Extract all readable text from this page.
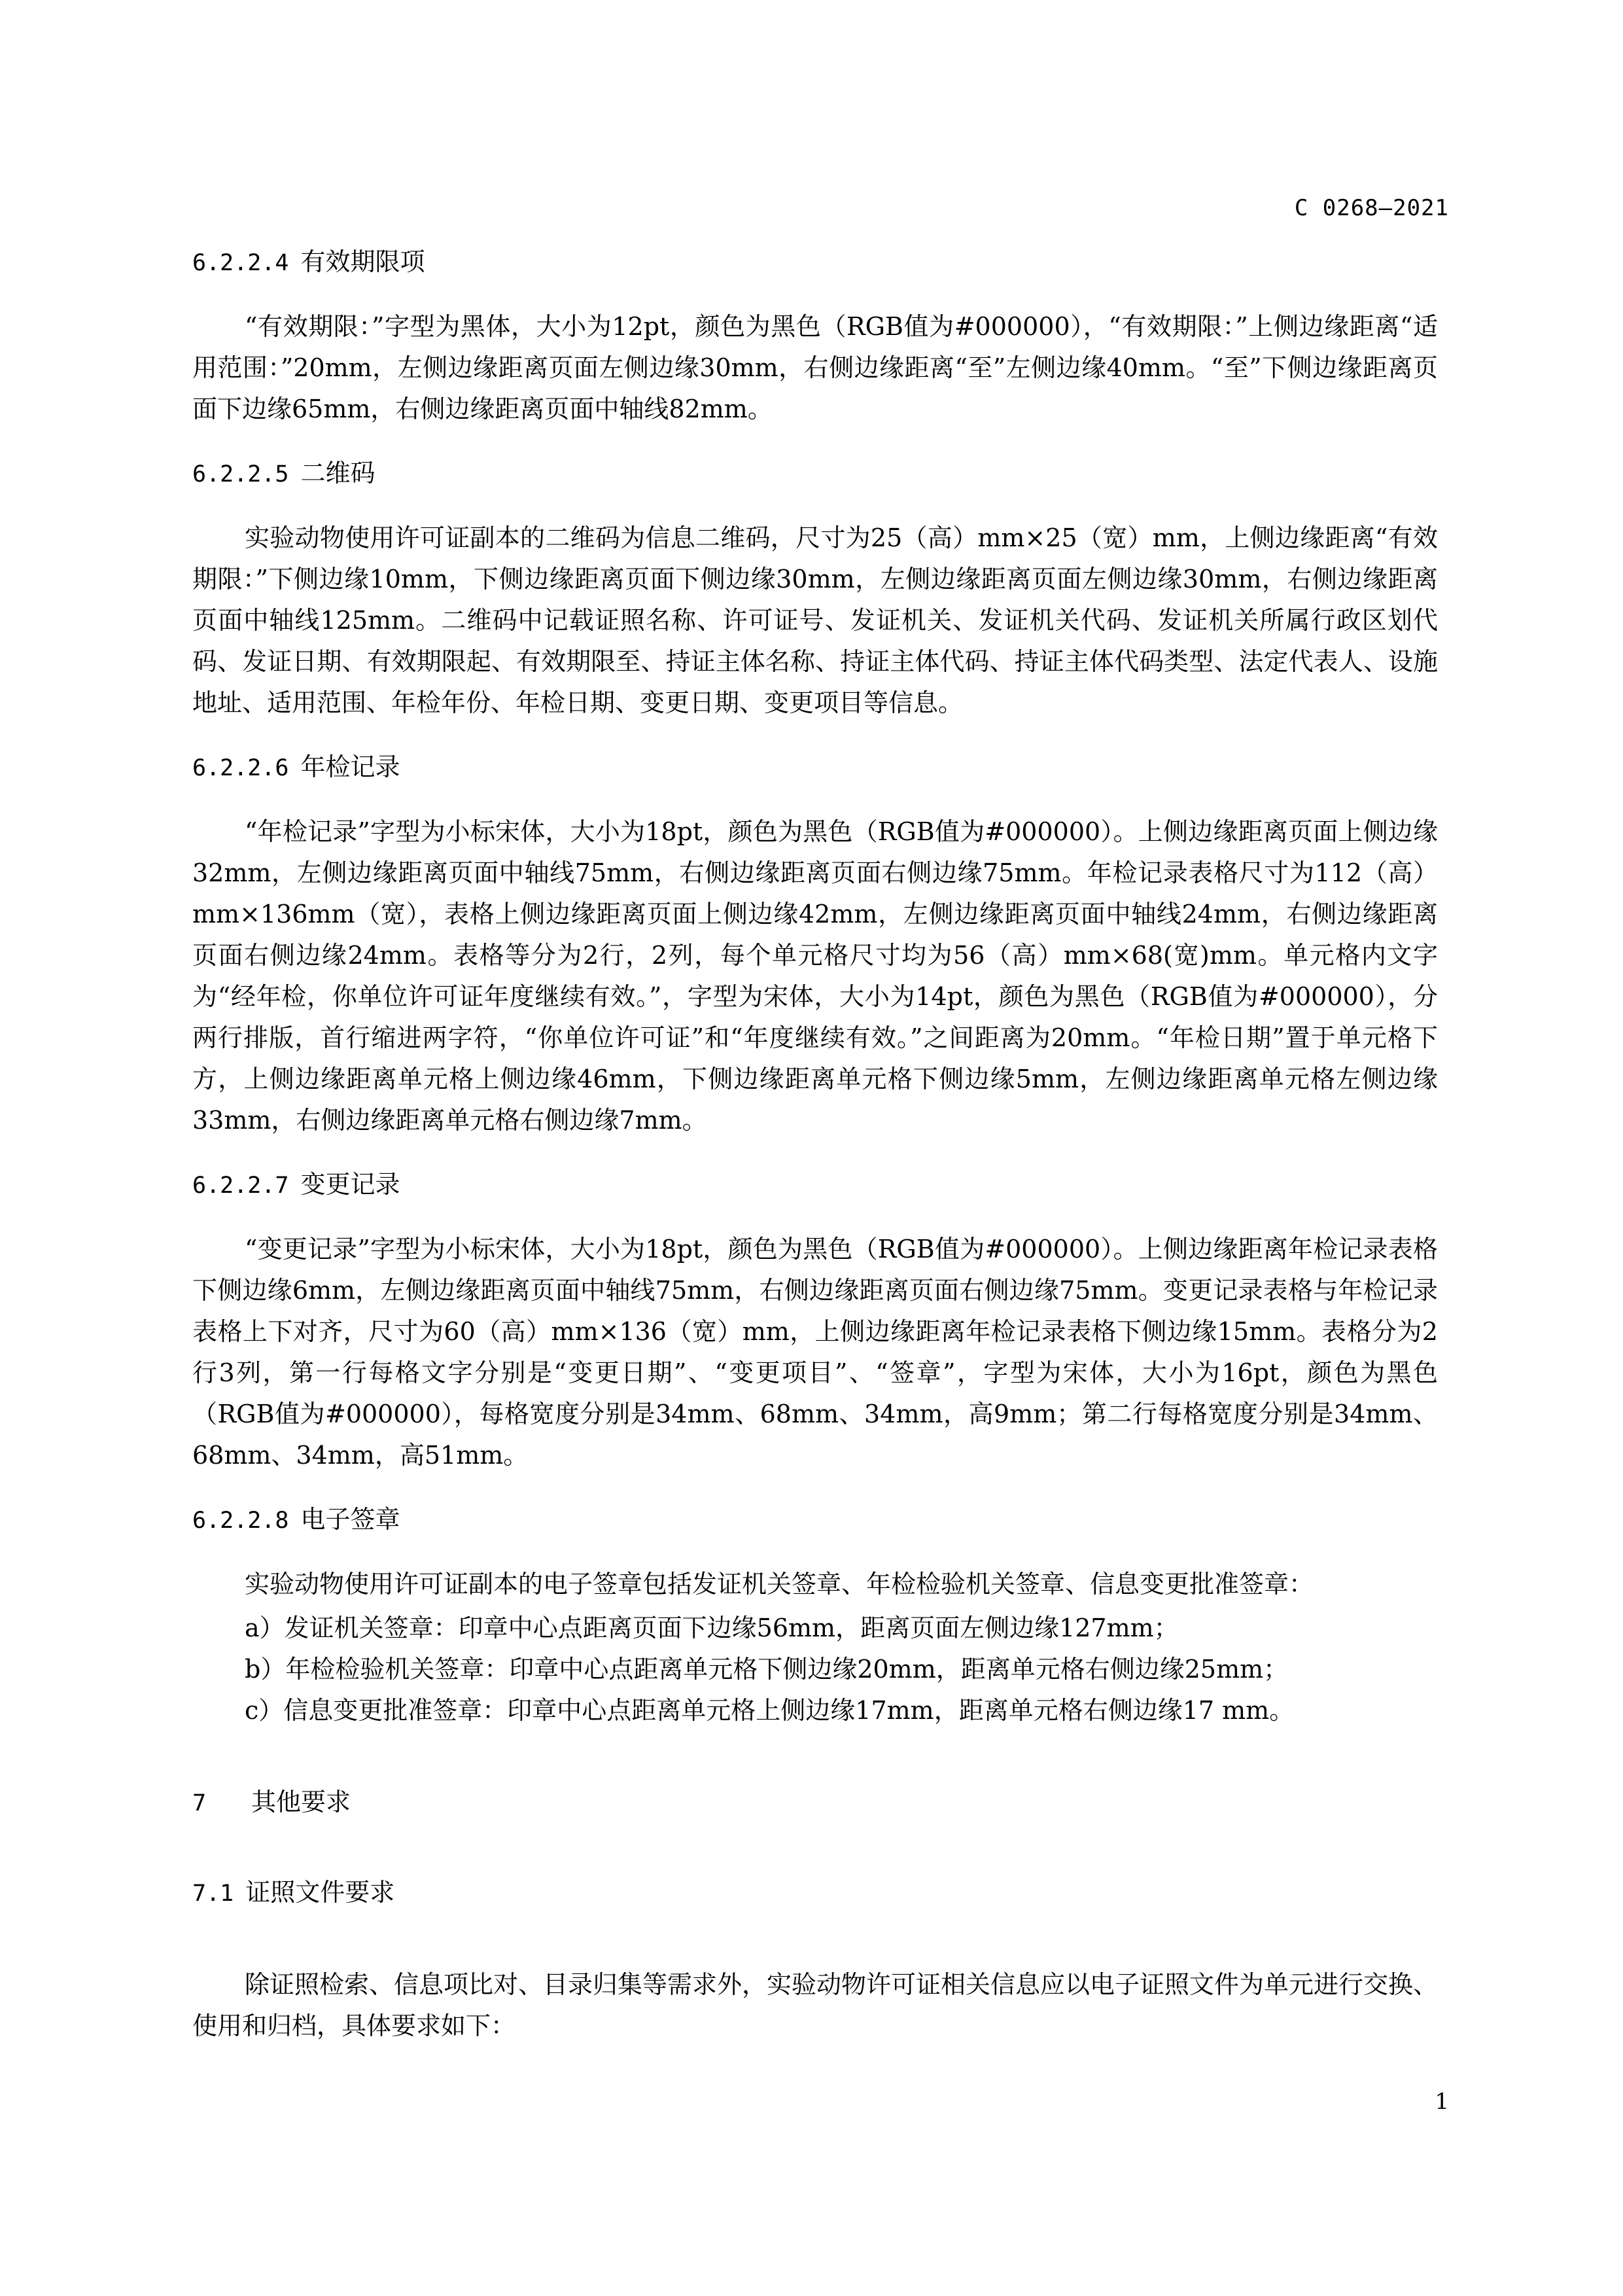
C 0268—2021
6.2.2.4 有效期限项

“有效期限：”字型为黑体，大小为12pt，颜色为黑色（RGB值为#000000），“有效期限：”上侧边缘距离“适用范围：”20mm，左侧边缘距离页面左侧边缘30mm，右侧边缘距离“至”左侧边缘40mm。“至”下侧边缘距离页面下边缘65mm，右侧边缘距离页面中轴线82mm。

6.2.2.5 二维码

实验动物使用许可证副本的二维码为信息二维码，尺寸为25（高）mm×25（宽）mm，上侧边缘距离“有效期限：”下侧边缘10mm，下侧边缘距离页面下侧边缘30mm，左侧边缘距离页面左侧边缘30mm，右侧边缘距离页面中轴线125mm。二维码中记载证照名称、许可证号、发证机关、发证机关代码、发证机关所属行政区划代码、发证日期、有效期限起、有效期限至、持证主体名称、持证主体代码、持证主体代码类型、法定代表人、设施地址、适用范围、年检年份、年检日期、变更日期、变更项目等信息。

6.2.2.6 年检记录

“年检记录”字型为小标宋体，大小为18pt，颜色为黑色（RGB值为#000000）。上侧边缘距离页面上侧边缘32mm，左侧边缘距离页面中轴线75mm，右侧边缘距离页面右侧边缘75mm。年检记录表格尺寸为112（高）mm×136mm（宽），表格上侧边缘距离页面上侧边缘42mm，左侧边缘距离页面中轴线24mm，右侧边缘距离页面右侧边缘24mm。表格等分为2行，2列，每个单元格尺寸均为56（高）mm×68(宽)mm。单元格内文字为“经年检，你单位许可证年度继续有效。”，字型为宋体，大小为14pt，颜色为黑色（RGB值为#000000），分两行排版，首行缩进两字符，“你单位许可证”和“年度继续有效。”之间距离为20mm。“年检日期”置于单元格下方，上侧边缘距离单元格上侧边缘46mm，下侧边缘距离单元格下侧边缘5mm，左侧边缘距离单元格左侧边缘33mm，右侧边缘距离单元格右侧边缘7mm。

6.2.2.7 变更记录

“变更记录”字型为小标宋体，大小为18pt，颜色为黑色（RGB值为#000000）。上侧边缘距离年检记录表格下侧边缘6mm，左侧边缘距离页面中轴线75mm，右侧边缘距离页面右侧边缘75mm。变更记录表格与年检记录表格上下对齐，尺寸为60（高）mm×136（宽）mm，上侧边缘距离年检记录表格下侧边缘15mm。表格分为2行3列，第一行每格文字分别是“变更日期”、“变更项目”、“签章”，字型为宋体，大小为16pt，颜色为黑色（RGB值为#000000），每格宽度分别是34mm、68mm、34mm，高9mm；第二行每格宽度分别是34mm、68mm、34mm，高51mm。

6.2.2.8 电子签章

实验动物使用许可证副本的电子签章包括发证机关签章、年检检验机关签章、信息变更批准签章：

a）发证机关签章：印章中心点距离页面下边缘56mm，距离页面左侧边缘127mm；

b）年检检验机关签章：印章中心点距离单元格下侧边缘20mm，距离单元格右侧边缘25mm；

c）信息变更批准签章：印章中心点距离单元格上侧边缘17mm，距离单元格右侧边缘17 mm。

7 其他要求
7.1 证照文件要求

除证照检索、信息项比对、目录归集等需求外，实验动物许可证相关信息应以电子证照文件为单元进行交换、使用和归档，具体要求如下：

1
